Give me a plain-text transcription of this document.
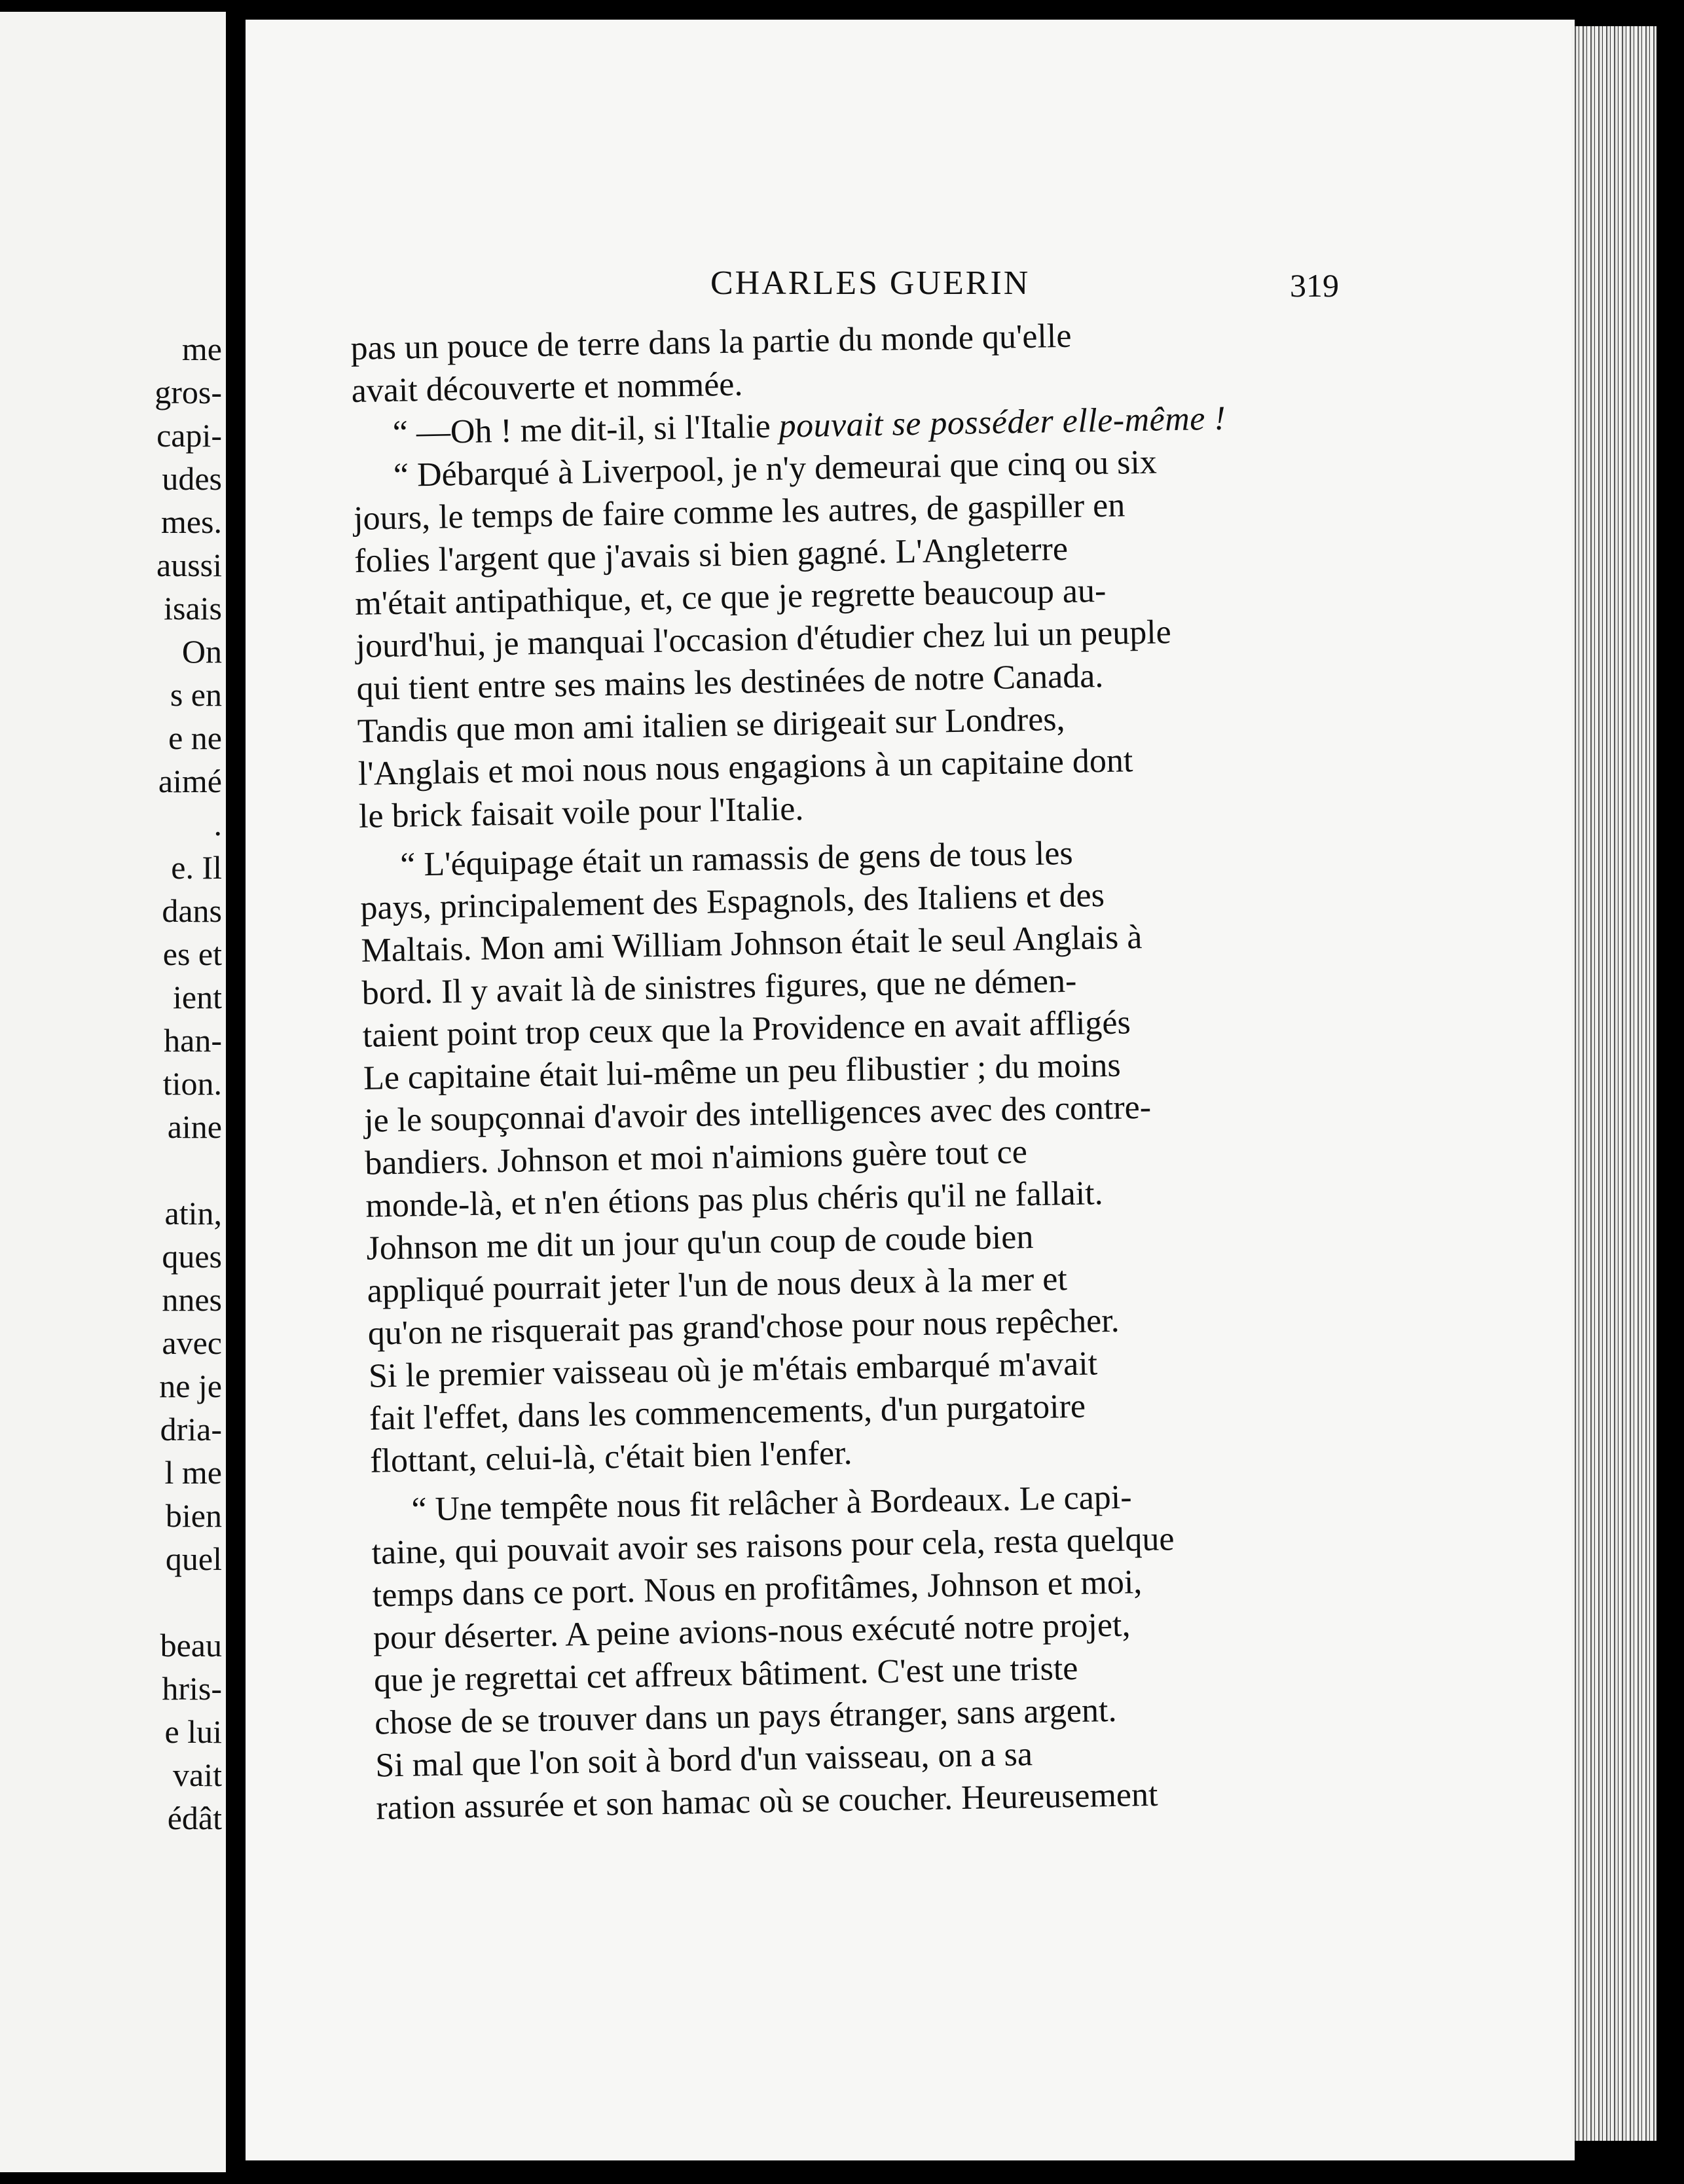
me
gros-
capi-
udes
mes.
aussi
isais
On
s en
e ne
aimé
.
e. Il
dans
es et
ient
han-
tion.
aine
atin,
ques
nnes
avec
ne je
dria-
l me
bien
quel
beau
hris-
e lui
vait
édât
CHARLES GUERIN	319
pas un pouce de terre dans la partie du monde qu'elle
avait découverte et nommée.
“ —Oh ! me dit-il, si l'Italie pouvait se posséder elle-même !
“ Débarqué à Liverpool, je n'y demeurai que cinq ou six
jours, le temps de faire comme les autres, de gaspiller en
folies l'argent que j'avais si bien gagné. L'Angleterre
m'était antipathique, et, ce que je regrette beaucoup au-
jourd'hui, je manquai l'occasion d'étudier chez lui un peuple
qui tient entre ses mains les destinées de notre Canada.
Tandis que mon ami italien se dirigeait sur Londres,
l'Anglais et moi nous nous engagions à un capitaine dont
le brick faisait voile pour l'Italie.
“ L'équipage était un ramassis de gens de tous les
pays, principalement des Espagnols, des Italiens et des
Maltais. Mon ami William Johnson était le seul Anglais à
bord. Il y avait là de sinistres figures, que ne démen-
taient point trop ceux que la Providence en avait affligés
Le capitaine était lui-même un peu flibustier ; du moins
je le soupçonnai d'avoir des intelligences avec des contre-
bandiers. Johnson et moi n'aimions guère tout ce
monde-là, et n'en étions pas plus chéris qu'il ne fallait.
Johnson me dit un jour qu'un coup de coude bien
appliqué pourrait jeter l'un de nous deux à la mer et
qu'on ne risquerait pas grand'chose pour nous repêcher.
Si le premier vaisseau où je m'étais embarqué m'avait
fait l'effet, dans les commencements, d'un purgatoire
flottant, celui-là, c'était bien l'enfer.
“ Une tempête nous fit relâcher à Bordeaux. Le capi-
taine, qui pouvait avoir ses raisons pour cela, resta quelque
temps dans ce port. Nous en profitâmes, Johnson et moi,
pour déserter. A peine avions-nous exécuté notre projet,
que je regrettai cet affreux bâtiment. C'est une triste
chose de se trouver dans un pays étranger, sans argent.
Si mal que l'on soit à bord d'un vaisseau, on a sa
ration assurée et son hamac où se coucher. Heureusement
